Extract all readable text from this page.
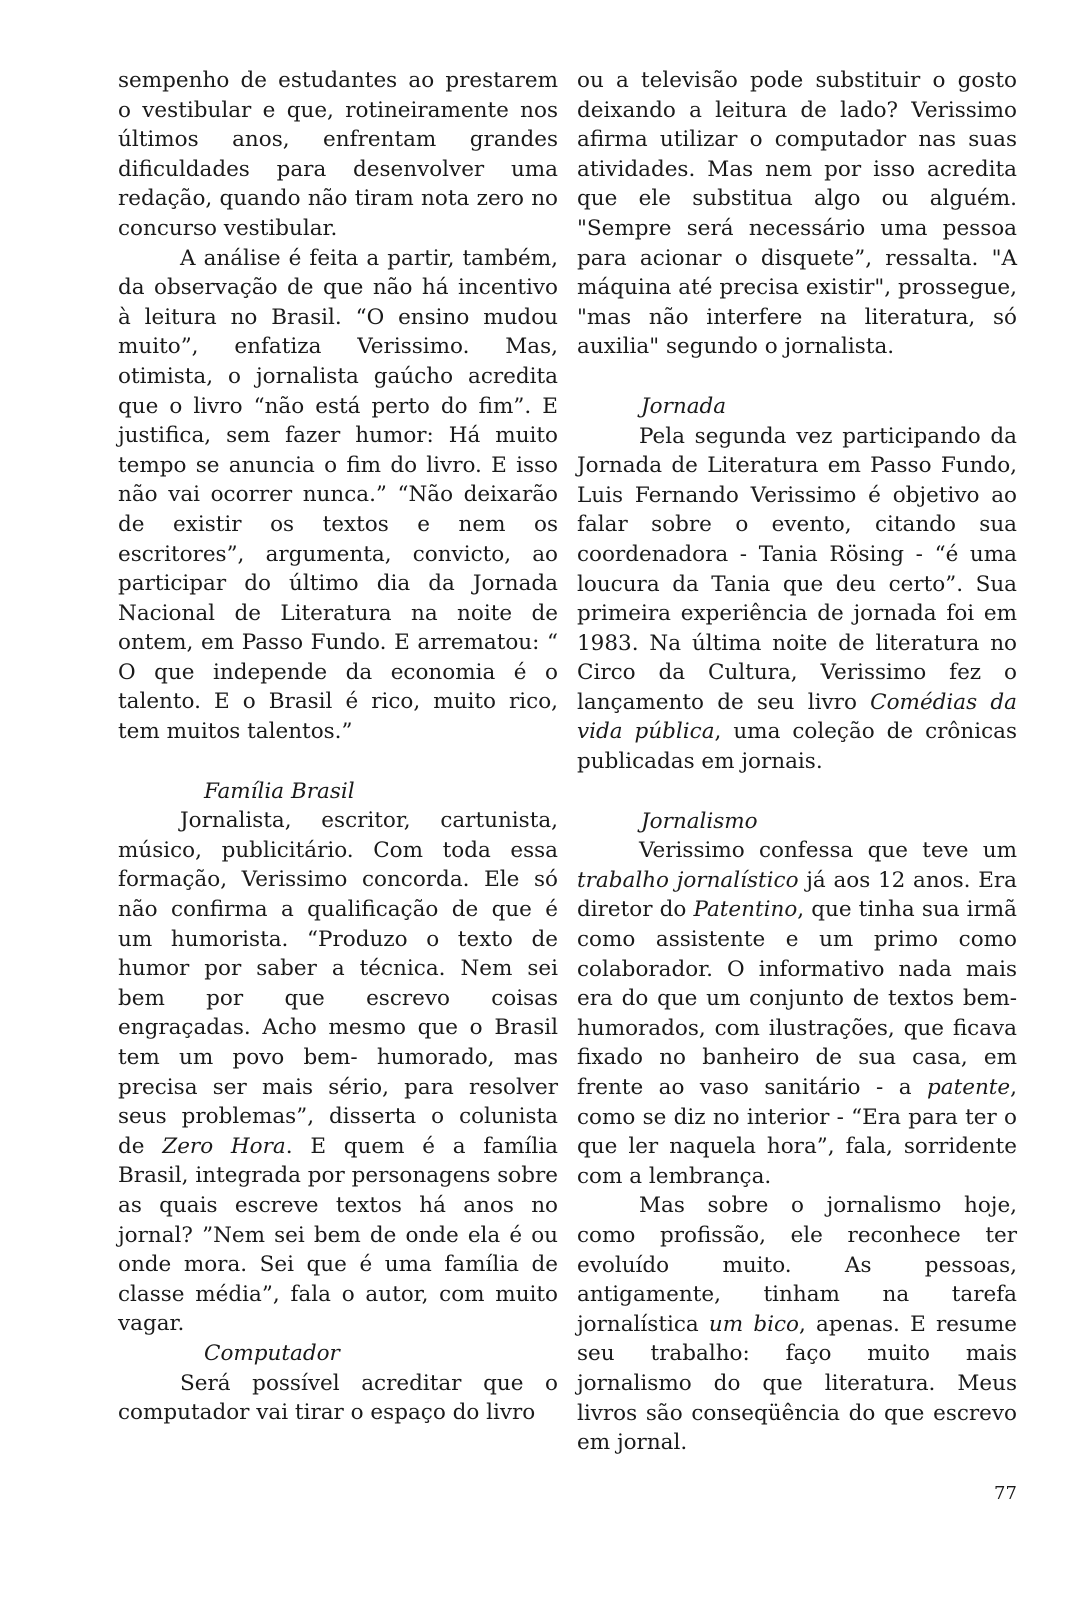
sempenho de estudantes ao prestarem o vestibular e que, rotineiramente nos últimos anos, enfrentam grandes dificuldades para desenvolver uma redação, quando não tiram nota zero no concurso vestibular.

A análise é feita a partir, também, da observação de que não há incentivo à leitura no Brasil. “O ensino mudou muito”, enfatiza Verissimo. Mas, otimista, o jornalista gaúcho acredita que o livro “não está perto do fim”. E justifica, sem fazer humor: Há muito tempo se anuncia o fim do livro. E isso não vai ocorrer nunca.” “Não deixarão de existir os textos e nem os escritores”, argumenta, convicto, ao participar do último dia da Jornada Nacional de Literatura na noite de ontem, em Passo Fundo. E arrematou: “ O que independe da economia é o talento. E o Brasil é rico, muito rico, tem muitos talentos.”

Família Brasil

Jornalista, escritor, cartunista, músico, publicitário. Com toda essa formação, Verissimo concorda. Ele só não confirma a qualificação de que é um humorista. “Produzo o texto de humor por saber a técnica. Nem sei bem por que escrevo coisas engraçadas. Acho mesmo que o Brasil tem um povo bem- humorado, mas precisa ser mais sério, para resolver seus problemas”, disserta o colunista de Zero Hora. E quem é a família Brasil, integrada por personagens sobre as quais escreve textos há anos no jornal? ”Nem sei bem de onde ela é ou onde mora. Sei que é uma família de classe média”, fala o autor, com muito vagar.

Computador

Será possível acreditar que o computador vai tirar o espaço do livro

ou a televisão pode substituir o gosto deixando a leitura de lado? Verissimo afirma utilizar o computador nas suas atividades. Mas nem por isso acredita que ele substitua algo ou alguém. "Sempre será necessário uma pessoa para acionar o disquete”, ressalta. "A máquina até precisa existir", prossegue, "mas não interfere na literatura, só auxilia" segundo o jornalista.

Jornada

Pela segunda vez participando da Jornada de Literatura em Passo Fundo, Luis Fernando Verissimo é objetivo ao falar sobre o evento, citando sua coordenadora - Tania Rösing - “é uma loucura da Tania que deu certo”. Sua primeira experiência de jornada foi em 1983. Na última noite de literatura no Circo da Cultura, Verissimo fez o lançamento de seu livro Comédias da vida pública, uma coleção de crônicas publicadas em jornais.

Jornalismo

Verissimo confessa que teve um trabalho jornalístico já aos 12 anos. Era diretor do Patentino, que tinha sua irmã como assistente e um primo como colaborador. O informativo nada mais era do que um conjunto de textos bem- humorados, com ilustrações, que ficava fixado no banheiro de sua casa, em frente ao vaso sanitário - a patente, como se diz no interior - “Era para ter o que ler naquela hora”, fala, sorridente com a lembrança.

Mas sobre o jornalismo hoje, como profissão, ele reconhece ter evoluído muito. As pessoas, antigamente, tinham na tarefa jornalística um bico, apenas. E resume seu trabalho: faço muito mais jornalismo do que literatura. Meus livros são conseqüência do que escrevo em jornal.

77
